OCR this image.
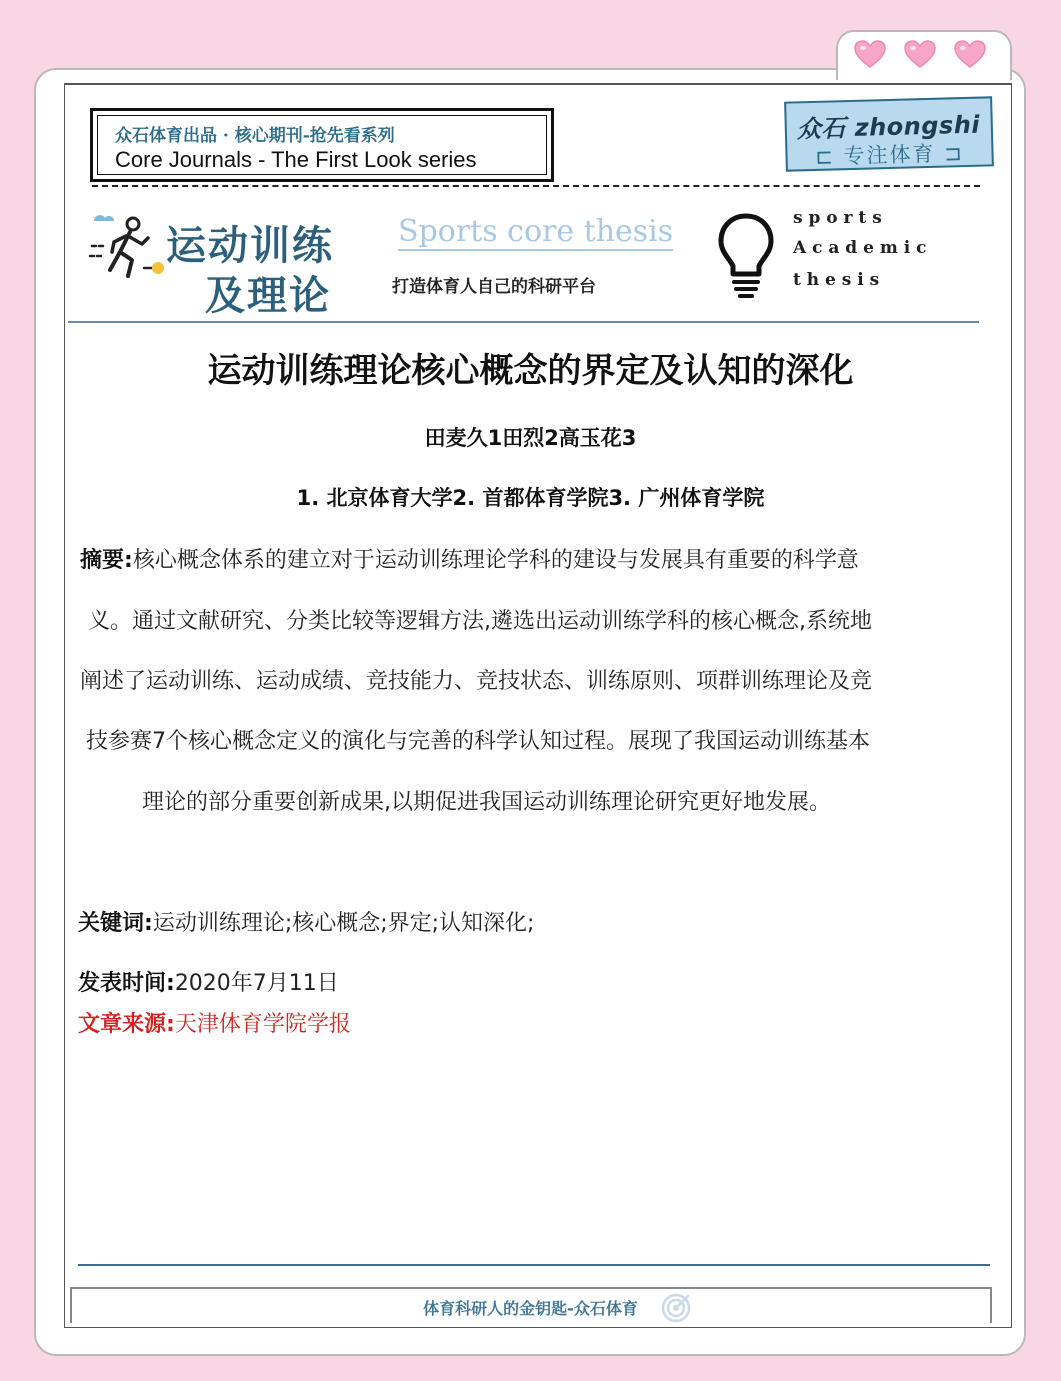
众石体育出品 · 核心期刊-抢先看系列
Core Journals - The First Look series
众石 zhongshi
⊏ 专注体育 ⊐
运动训练
及理论
Sports core thesis
打造体育人自己的科研平台
s p o r t s
A c a d e m i c
t h e s i s
运动训练理论核心概念的界定及认知的深化
田麦久1田烈2高玉花3
1. 北京体育大学2. 首都体育学院3. 广州体育学院
摘要:核心概念体系的建立对于运动训练理论学科的建设与发展具有重要的科学意
义。通过文献研究、分类比较等逻辑方法,遴选出运动训练学科的核心概念,系统地
阐述了运动训练、运动成绩、竞技能力、竞技状态、训练原则、项群训练理论及竞
技参赛7个核心概念定义的演化与完善的科学认知过程。展现了我国运动训练基本
理论的部分重要创新成果,以期促进我国运动训练理论研究更好地发展。
关键词:运动训练理论;核心概念;界定;认知深化;
发表时间:2020年7月11日
文章来源:天津体育学院学报
体育科研人的金钥匙-众石体育
